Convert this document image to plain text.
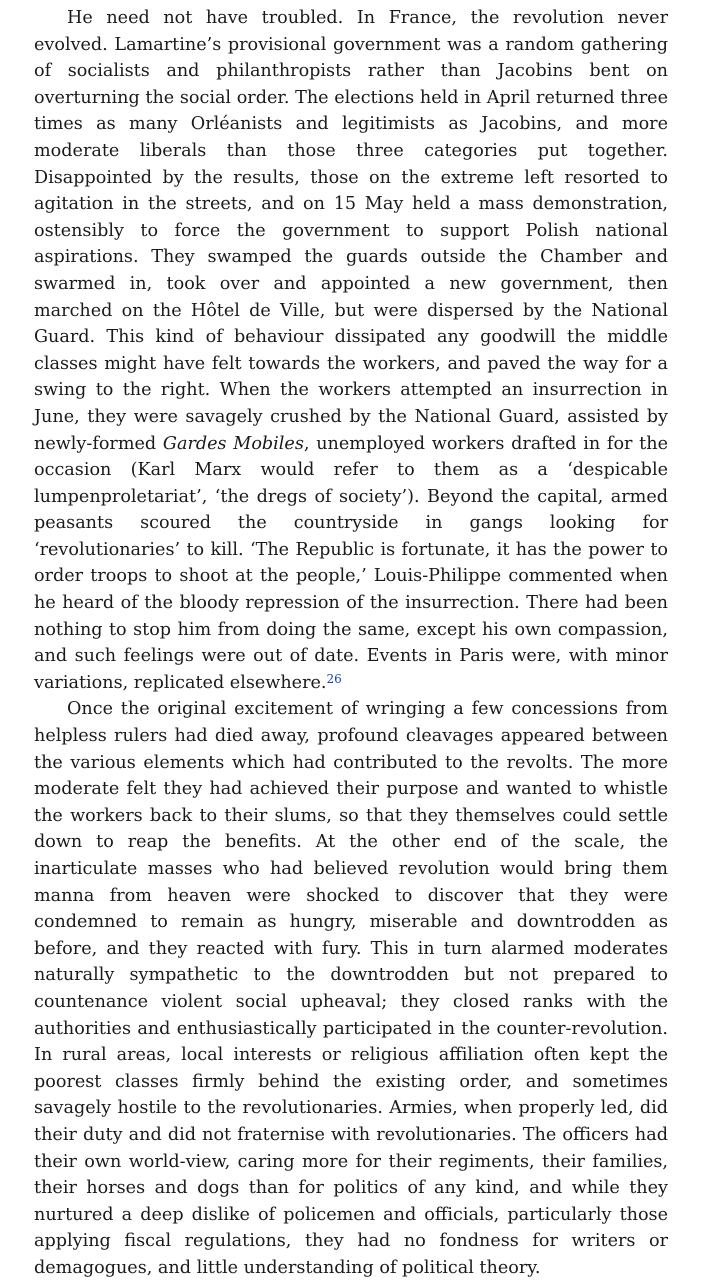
He need not have troubled. In France, the revolution never evolved. Lamartine’s provisional government was a random gathering of socialists and philanthropists rather than Jacobins bent on overturning the social order. The elections held in April returned three times as many Orléanists and legitimists as Jacobins, and more moderate liberals than those three categories put together. Disappointed by the results, those on the extreme left resorted to agitation in the streets, and on 15 May held a mass demonstration, ostensibly to force the government to support Polish national aspirations. They swamped the guards outside the Chamber and swarmed in, took over and appointed a new government, then marched on the Hôtel de Ville, but were dispersed by the National Guard. This kind of behaviour dissipated any goodwill the middle classes might have felt towards the workers, and paved the way for a swing to the right. When the workers attempted an insurrection in June, they were savagely crushed by the National Guard, assisted by newly-formed Gardes Mobiles, unemployed workers drafted in for the occasion (Karl Marx would refer to them as a ‘despicable lumpenproletariat’, ‘the dregs of society’). Beyond the capital, armed peasants scoured the countryside in gangs looking for ‘revolutionaries’ to kill. ‘The Republic is fortunate, it has the power to order troops to shoot at the people,’ Louis-Philippe commented when he heard of the bloody repression of the insurrection. There had been nothing to stop him from doing the same, except his own compassion, and such feelings were out of date. Events in Paris were, with minor variations, replicated elsewhere.$^{26}$

Once the original excitement of wringing a few concessions from helpless rulers had died away, profound cleavages appeared between the various elements which had contributed to the revolts. The more moderate felt they had achieved their purpose and wanted to whistle the workers back to their slums, so that they themselves could settle down to reap the benefits. At the other end of the scale, the inarticulate masses who had believed revolution would bring them manna from heaven were shocked to discover that they were condemned to remain as hungry, miserable and downtrodden as before, and they reacted with fury. This in turn alarmed moderates naturally sympathetic to the downtrodden but not prepared to countenance violent social upheaval; they closed ranks with the authorities and enthusiastically participated in the counter-revolution. In rural areas, local interests or religious affiliation often kept the poorest classes firmly behind the existing order, and sometimes savagely hostile to the revolutionaries. Armies, when properly led, did their duty and did not fraternise with revolutionaries. The officers had their own world-view, caring more for their regiments, their families, their horses and dogs than for politics of any kind, and while they nurtured a deep dislike of policemen and officials, particularly those applying fiscal regulations, they had no fondness for writers or demagogues, and little understanding of political theory.
